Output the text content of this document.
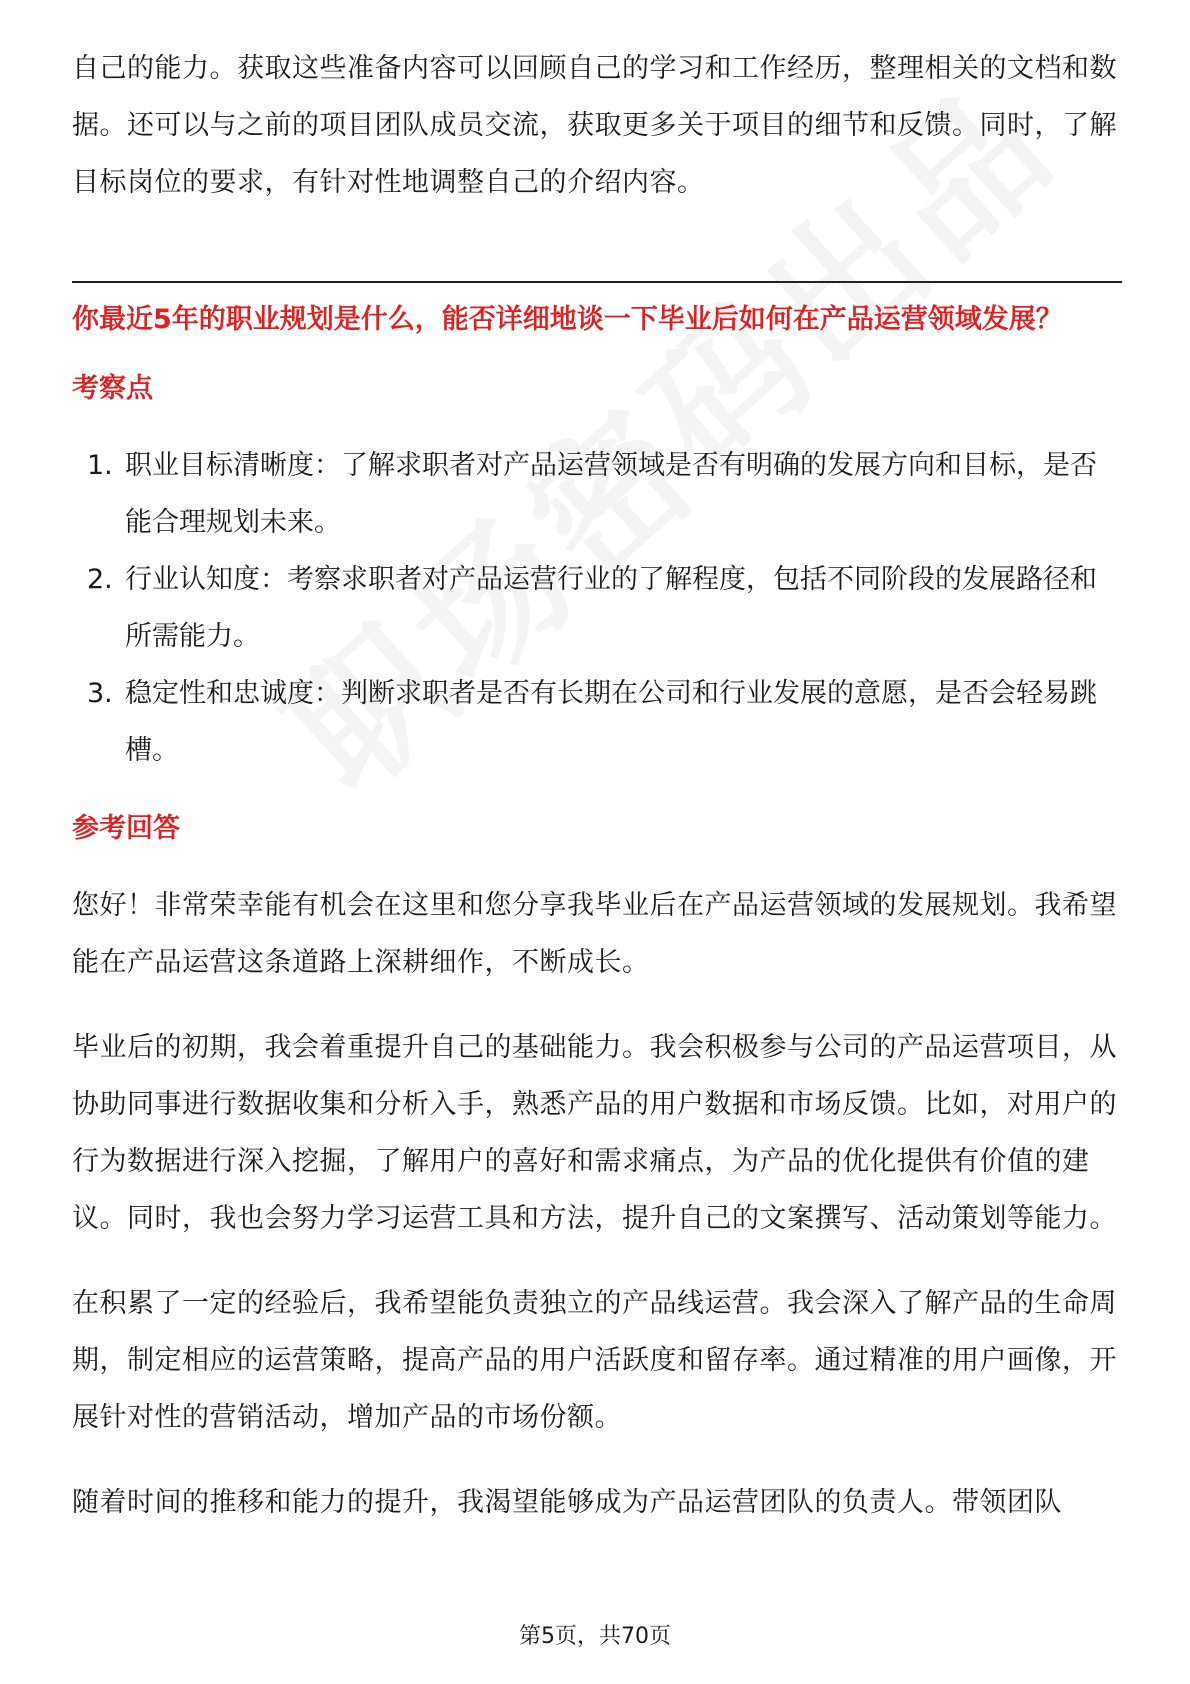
自己的能力。获取这些准备内容可以回顾自己的学习和工作经历，整理相关的文档和数据。还可以与之前的项目团队成员交流，获取更多关于项目的细节和反馈。同时，了解目标岗位的要求，有针对性地调整自己的介绍内容。

你最近5年的职业规划是什么，能否详细地谈一下毕业后如何在产品运营领域发展？
考察点
1. 职业目标清晰度：了解求职者对产品运营领域是否有明确的发展方向和目标，是否能合理规划未来。
2. 行业认知度：考察求职者对产品运营行业的了解程度，包括不同阶段的发展路径和所需能力。
3. 稳定性和忠诚度：判断求职者是否有长期在公司和行业发展的意愿，是否会轻易跳槽。
参考回答

您好！非常荣幸能有机会在这里和您分享我毕业后在产品运营领域的发展规划。我希望能在产品运营这条道路上深耕细作，不断成长。

毕业后的初期，我会着重提升自己的基础能力。我会积极参与公司的产品运营项目，从协助同事进行数据收集和分析入手，熟悉产品的用户数据和市场反馈。比如，对用户的行为数据进行深入挖掘，了解用户的喜好和需求痛点，为产品的优化提供有价值的建议。同时，我也会努力学习运营工具和方法，提升自己的文案撰写、活动策划等能力。

在积累了一定的经验后，我希望能负责独立的产品线运营。我会深入了解产品的生命周期，制定相应的运营策略，提高产品的用户活跃度和留存率。通过精准的用户画像，开展针对性的营销活动，增加产品的市场份额。

随着时间的推移和能力的提升，我渴望能够成为产品运营团队的负责人。带领团队

第5页，共70页
